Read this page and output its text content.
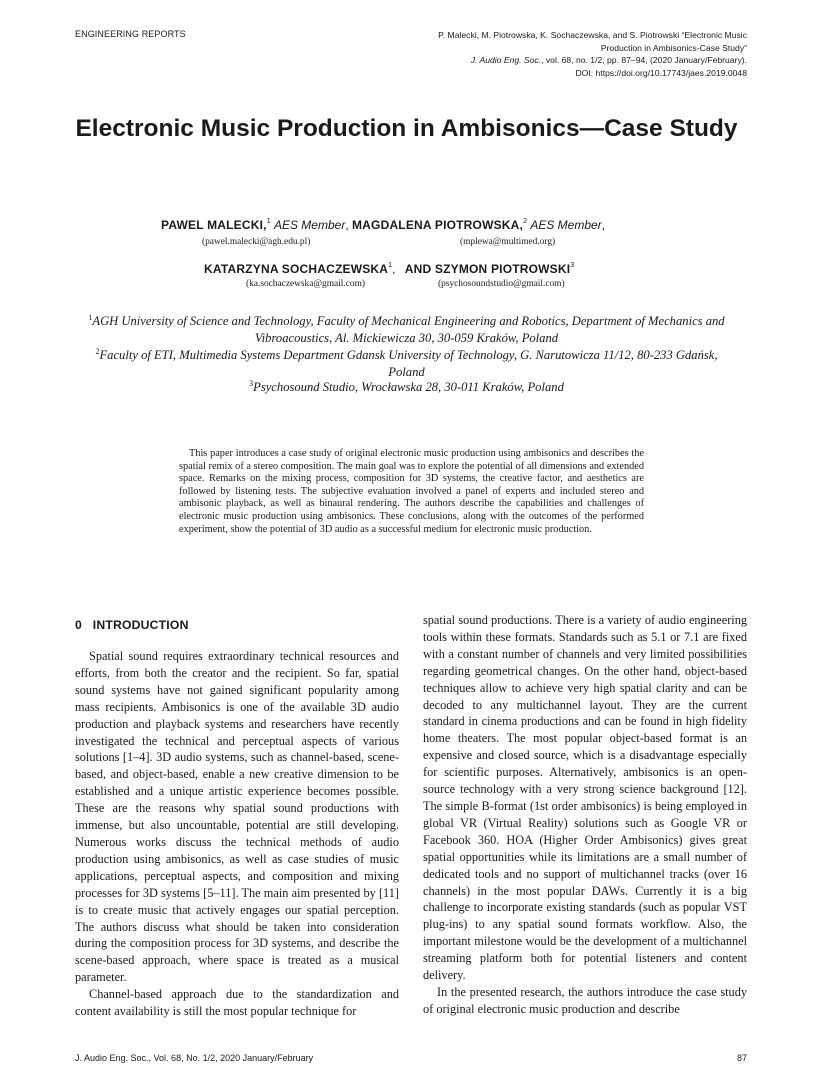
ENGINEERING REPORTS	P. Malecki, M. Piotrowska, K. Sochaczewska, and S. Piotrowski “Electronic Music
Production in Ambisonics-Case Study”
J. Audio Eng. Soc., vol. 68, no. 1/2, pp. 87–94, (2020 January/February).
DOI: https://doi.org/10.17743/jaes.2019.0048
Electronic Music Production in Ambisonics—Case Study
PAWEL MALECKI,$^1$ AES Member, MAGDALENA PIOTROWSKA,$^2$ AES Member,
(pawel.malecki@agh.edu.pl)	(mplewa@multimed.org)
KATARZYNA SOCHACZEWSKA$^1$, AND SZYMON PIOTROWSKI$^3$
(ka.sochaczewska@gmail.com)	(psychosoundstudio@gmail.com)
$^1$AGH University of Science and Technology, Faculty of Mechanical Engineering and Robotics, Department of Mechanics and Vibroacoustics, Al. Mickiewicza 30, 30-059 Kraków, Poland
$^2$Faculty of ETI, Multimedia Systems Department Gdansk University of Technology, G. Narutowicza 11/12, 80-233 Gdańsk, Poland
$^3$Psychosound Studio, Wrocławska 28, 30-011 Kraków, Poland
This paper introduces a case study of original electronic music production using ambisonics and describes the spatial remix of a stereo composition. The main goal was to explore the potential of all dimensions and extended space. Remarks on the mixing process, composition for 3D systems, the creative factor, and aesthetics are followed by listening tests. The subjective evaluation involved a panel of experts and included stereo and ambisonic playback, as well as binaural rendering. The authors describe the capabilities and challenges of electronic music production using ambisonics. These conclusions, along with the outcomes of the performed experiment, show the potential of 3D audio as a successful medium for electronic music production.
0 INTRODUCTION

Spatial sound requires extraordinary technical resources and efforts, from both the creator and the recipient. So far, spatial sound systems have not gained significant popularity among mass recipients. Ambisonics is one of the available 3D audio production and playback systems and researchers have recently investigated the technical and perceptual aspects of various solutions [1–4]. 3D audio systems, such as channel-based, scene-based, and object-based, enable a new creative dimension to be established and a unique artistic experience becomes possible. These are the reasons why spatial sound productions with immense, but also uncountable, potential are still developing. Numerous works discuss the technical methods of audio production using ambisonics, as well as case studies of music applications, perceptual aspects, and composition and mixing processes for 3D systems [5–11]. The main aim presented by [11] is to create music that actively engages our spatial perception. The authors discuss what should be taken into consideration during the composition process for 3D systems, and describe the scene-based approach, where space is treated as a musical parameter.

Channel-based approach due to the standardization and content availability is still the most popular technique for

spatial sound productions. There is a variety of audio engineering tools within these formats. Standards such as 5.1 or 7.1 are fixed with a constant number of channels and very limited possibilities regarding geometrical changes. On the other hand, object-based techniques allow to achieve very high spatial clarity and can be decoded to any multichannel layout. They are the current standard in cinema productions and can be found in high fidelity home theaters. The most popular object-based format is an expensive and closed source, which is a disadvantage especially for scientific purposes. Alternatively, ambisonics is an open-source technology with a very strong science background [12]. The simple B-format (1st order ambisonics) is being employed in global VR (Virtual Reality) solutions such as Google VR or Facebook 360. HOA (Higher Order Ambisonics) gives great spatial opportunities while its limitations are a small number of dedicated tools and no support of multichannel tracks (over 16 channels) in the most popular DAWs. Currently it is a big challenge to incorporate existing standards (such as popular VST plug-ins) to any spatial sound formats workflow. Also, the important milestone would be the development of a multichannel streaming platform both for potential listeners and content delivery.

In the presented research, the authors introduce the case study of original electronic music production and describe

J. Audio Eng. Soc., Vol. 68, No. 1/2, 2020 January/February	87
